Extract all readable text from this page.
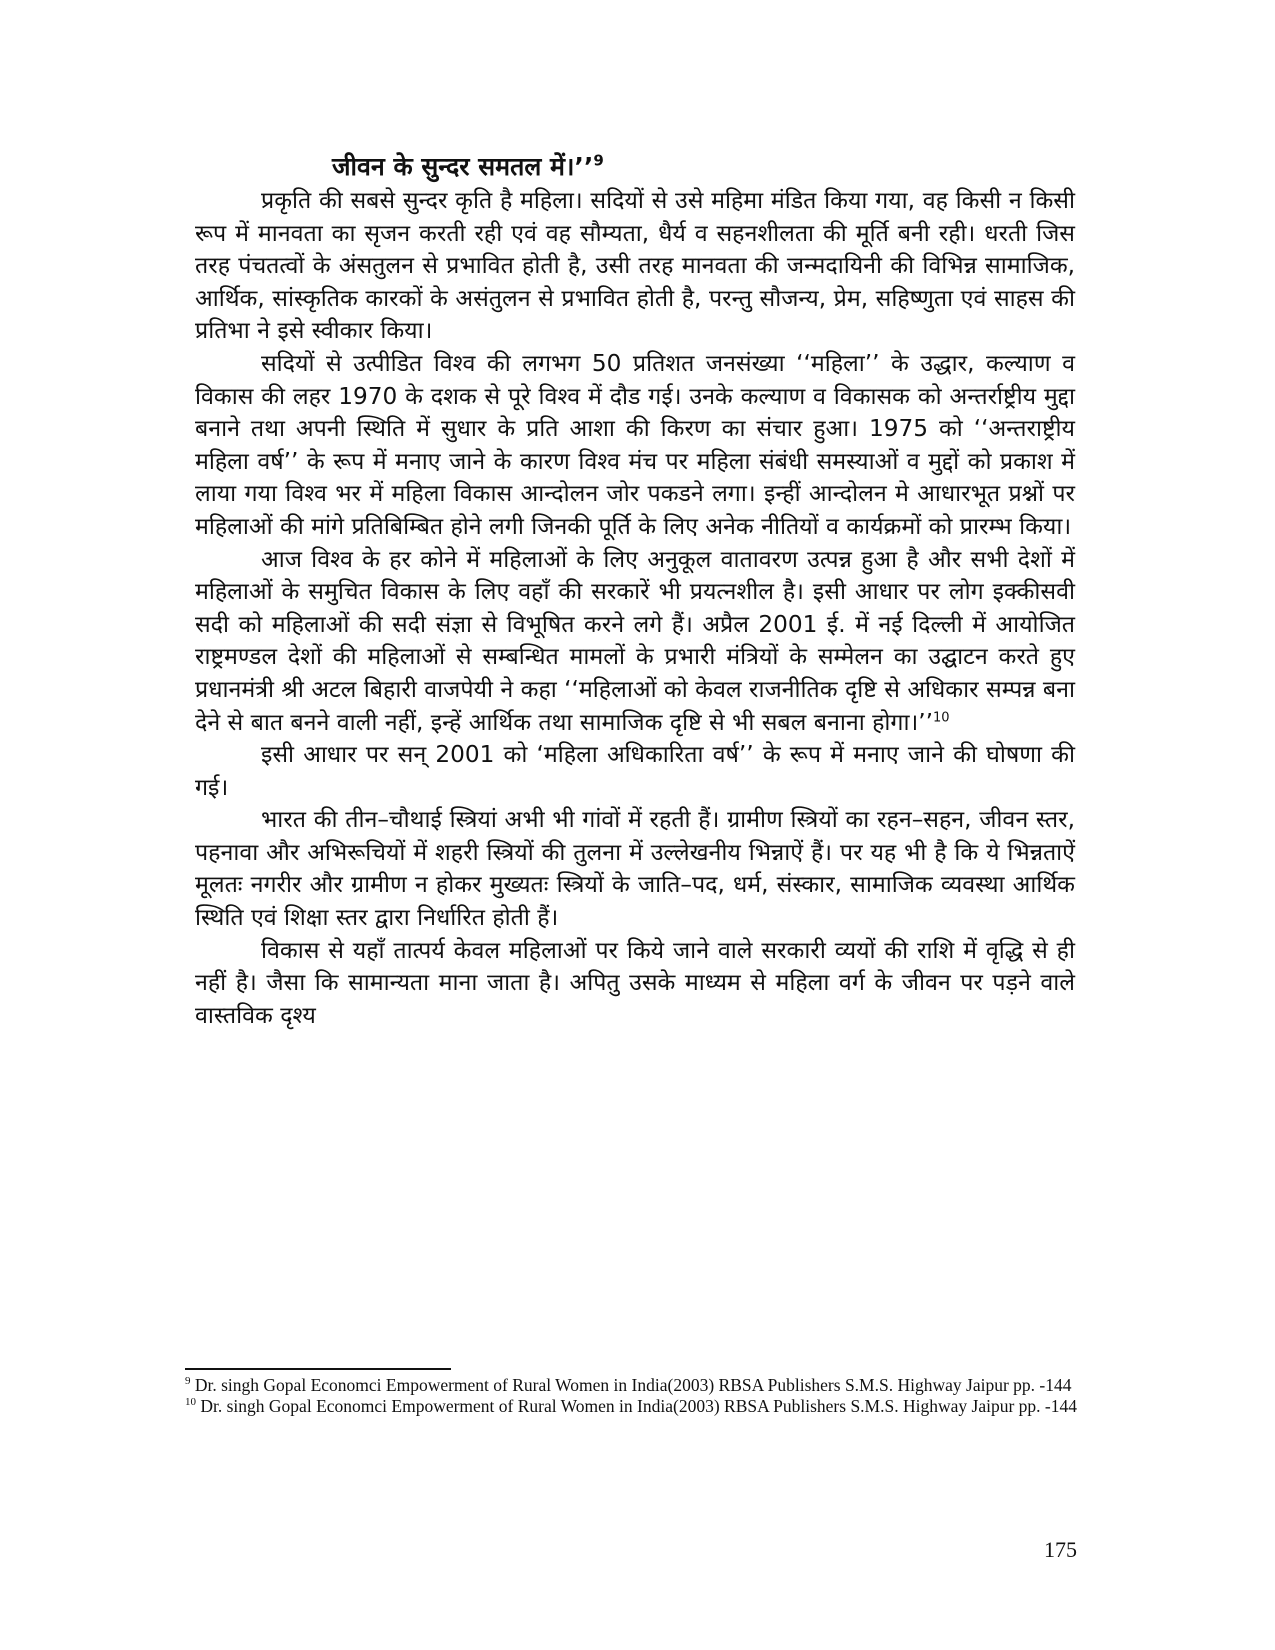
जीवन के सुन्दर समतल में।’’$^9$

प्रकृति की सबसे सुन्दर कृति है महिला। सदियों से उसे महिमा मंडित किया गया, वह किसी न किसी रूप में मानवता का सृजन करती रही एवं वह सौम्यता, धैर्य व सहनशीलता की मूर्ति बनी रही। धरती जिस तरह पंचतत्वों के अंसतुलन से प्रभावित होती है, उसी तरह मानवता की जन्मदायिनी की विभिन्न सामाजिक, आर्थिक, सांस्कृतिक कारकों के असंतुलन से प्रभावित होती है, परन्तु सौजन्य, प्रेम, सहिष्णुता एवं साहस की प्रतिभा ने इसे स्वीकार किया।

सदियों से उत्पीडित विश्व की लगभग 50 प्रतिशत जनसंख्या ‘‘महिला’’ के उद्धार, कल्याण व विकास की लहर 1970 के दशक से पूरे विश्व में दौड गई। उनके कल्याण व विकासक को अन्तर्राष्ट्रीय मुद्दा बनाने तथा अपनी स्थिति में सुधार के प्रति आशा की किरण का संचार हुआ। 1975 को ‘‘अन्तराष्ट्रीय महिला वर्ष’’ के रूप में मनाए जाने के कारण विश्व मंच पर महिला संबंधी समस्याओं व मुद्दों को प्रकाश में लाया गया विश्व भर में महिला विकास आन्दोलन जोर पकडने लगा। इन्हीं आन्दोलन मे आधारभूत प्रश्नों पर महिलाओं की मांगे प्रतिबिम्बित होने लगी जिनकी पूर्ति के लिए अनेक नीतियों व कार्यक्रमों को प्रारम्भ किया।

आज विश्व के हर कोने में महिलाओं के लिए अनुकूल वातावरण उत्पन्न हुआ है और सभी देशों में महिलाओं के समुचित विकास के लिए वहाँ की सरकारें भी प्रयत्नशील है। इसी आधार पर लोग इक्कीसवी सदी को महिलाओं की सदी संज्ञा से विभूषित करने लगे हैं। अप्रैल 2001 ई. में नई दिल्ली में आयोजित राष्ट्रमण्डल देशों की महिलाओं से सम्बन्धित मामलों के प्रभारी मंत्रियों के सम्मेलन का उद्घाटन करते हुए प्रधानमंत्री श्री अटल बिहारी वाजपेयी ने कहा ‘‘महिलाओं को केवल राजनीतिक दृष्टि से अधिकार सम्पन्न बना देने से बात बनने वाली नहीं, इन्हें आर्थिक तथा सामाजिक दृष्टि से भी सबल बनाना होगा।’’$^{10}$

इसी आधार पर सन् 2001 को ‘महिला अधिकारिता वर्ष’’ के रूप में मनाए जाने की घोषणा की गई।

भारत की तीन–चौथाई स्त्रियां अभी भी गांवों में रहती हैं। ग्रामीण स्त्रियों का रहन–सहन, जीवन स्तर, पहनावा और अभिरूचियों में शहरी स्त्रियों की तुलना में उल्लेखनीय भिन्नाऐं हैं। पर यह भी है कि ये भिन्नताऐं मूलतः नगरीर और ग्रामीण न होकर मुख्यतः स्त्रियों के जाति–पद, धर्म, संस्कार, सामाजिक व्यवस्था आर्थिक स्थिति एवं शिक्षा स्तर द्वारा निर्धारित होती हैं।

विकास से यहाँ तात्पर्य केवल महिलाओं पर किये जाने वाले सरकारी व्ययों की राशि में वृद्धि से ही नहीं है। जैसा कि सामान्यता माना जाता है। अपितु उसके माध्यम से महिला वर्ग के जीवन पर पड़ने वाले वास्तविक दृश्य

$^9$ Dr. singh Gopal Economci Empowerment of Rural Women in India(2003) RBSA Publishers S.M.S. Highway Jaipur pp. -144

$^{10}$ Dr. singh Gopal Economci Empowerment of Rural Women in India(2003) RBSA Publishers S.M.S. Highway Jaipur pp. -144

175
